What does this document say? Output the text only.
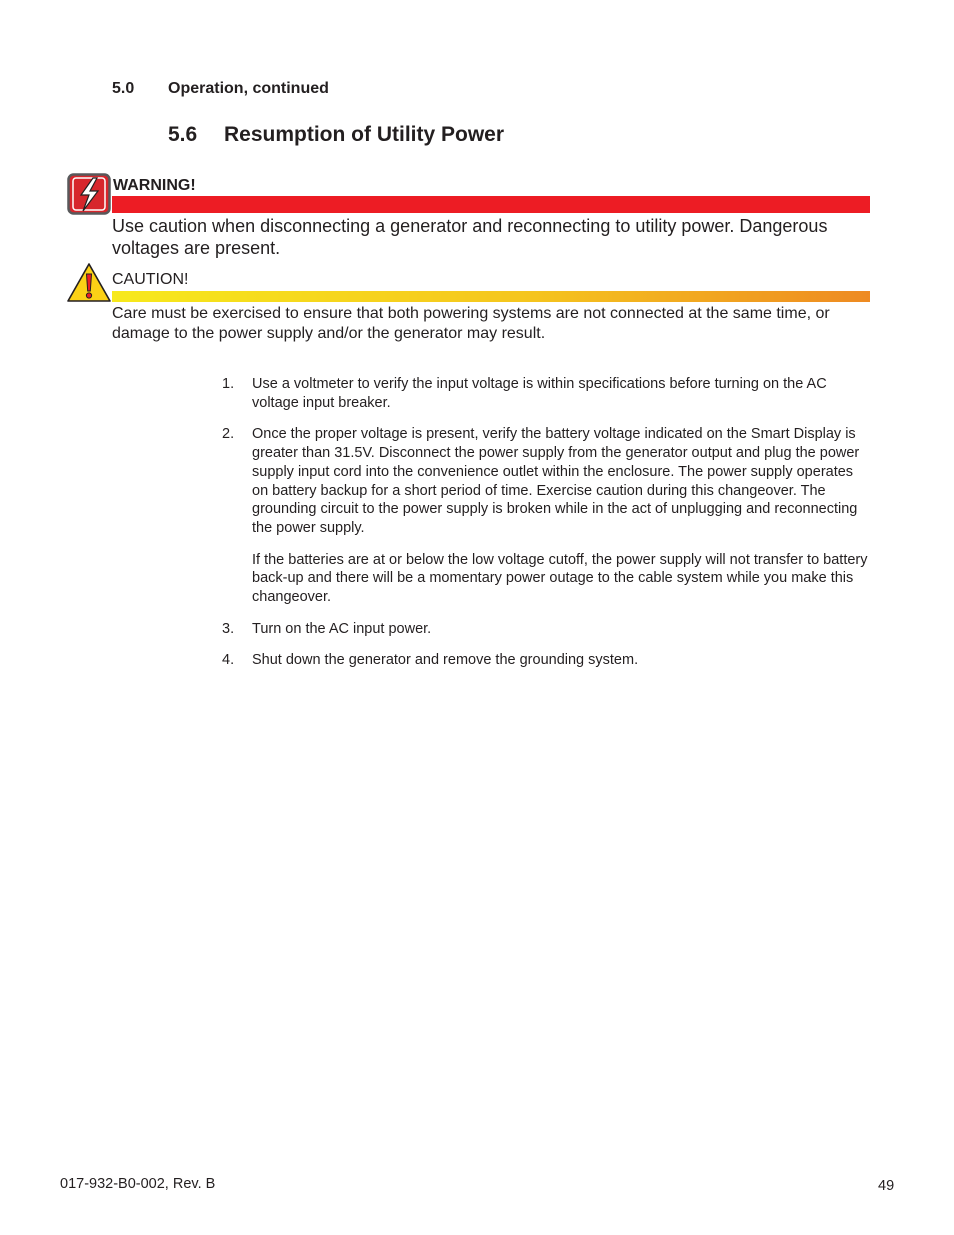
5.0 Operation, continued
5.6 Resumption of Utility Power
WARNING!
Use caution when disconnecting a generator and reconnecting to utility power. Dangerous voltages are present.
CAUTION!
Care must be exercised to ensure that both powering systems are not connected at the same time, or damage to the power supply and/or the generator may result.
1. Use a voltmeter to verify the input voltage is within specifications before turning on the AC voltage input breaker.

2. Once the proper voltage is present, verify the battery voltage indicated on the Smart Display is greater than 31.5V. Disconnect the power supply from the generator output and plug the power supply input cord into the convenience outlet within the enclosure. The power supply operates on battery backup for a short period of time. Exercise caution during this changeover. The grounding circuit to the power supply is broken while in the act of unplugging and reconnecting the power supply.

If the batteries are at or below the low voltage cutoff, the power supply will not transfer to battery back-up and there will be a momentary power outage to the cable system while you make this changeover.

3. Turn on the AC input power.

4. Shut down the generator and remove the grounding system.

017-932-B0-002, Rev. B	49
